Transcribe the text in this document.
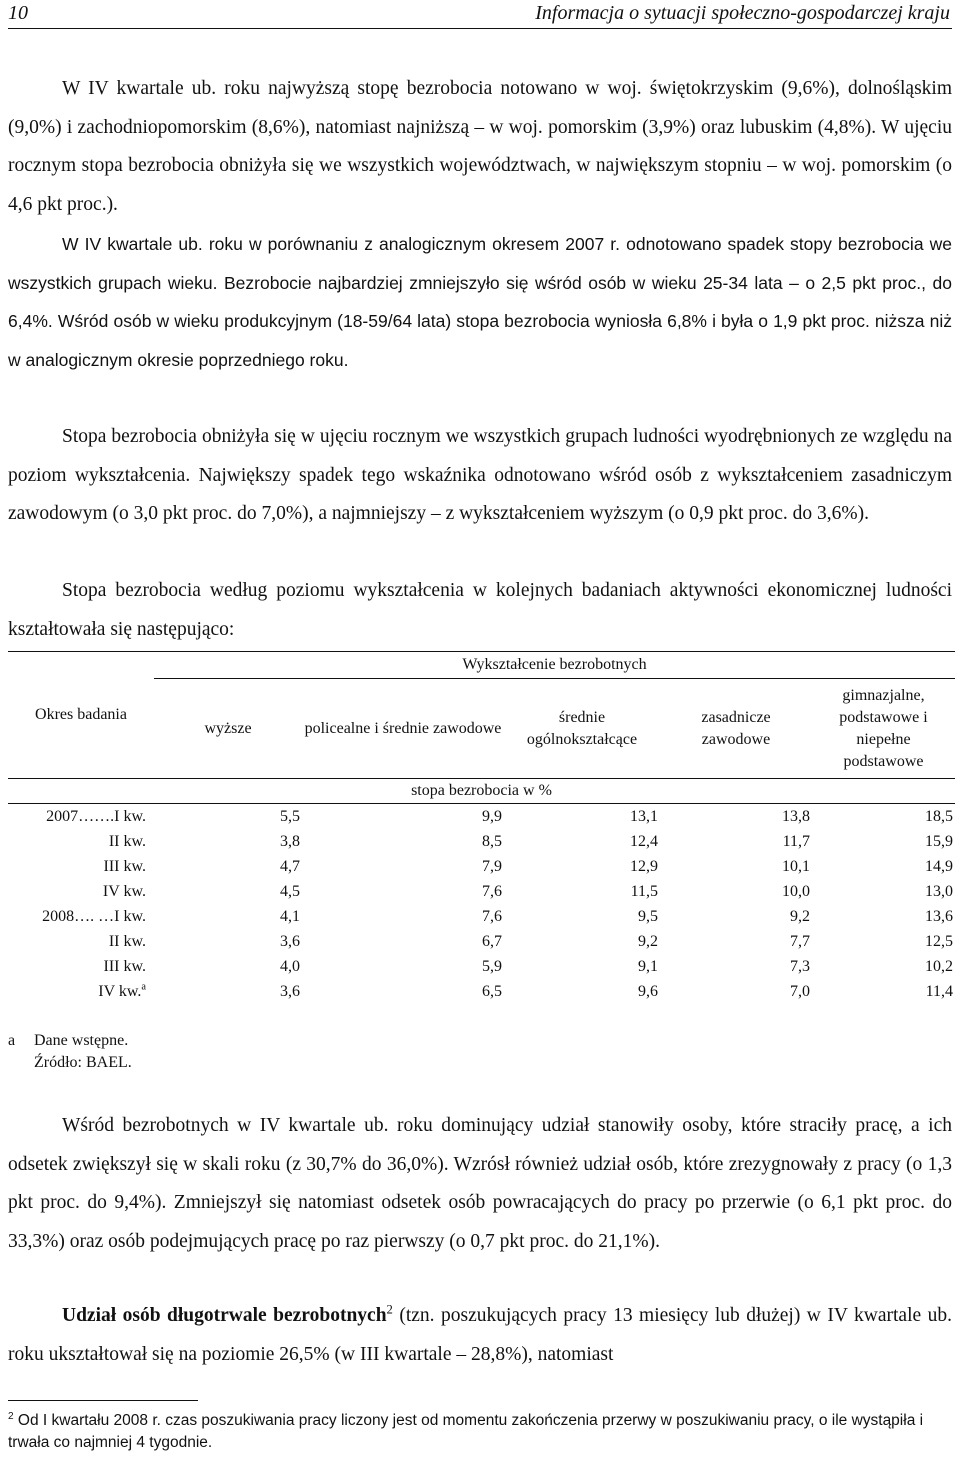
10	Informacja o sytuacji społeczno-gospodarczej kraju

W IV kwartale ub. roku najwyższą stopę bezrobocia notowano w woj. świętokrzyskim (9,6%), dolnośląskim (9,0%) i zachodniopomorskim (8,6%), natomiast najniższą – w woj. pomorskim (3,9%) oraz lubuskim (4,8%). W ujęciu rocznym stopa bezrobocia obniżyła się we wszystkich województwach, w największym stopniu – w woj. pomorskim (o 4,6 pkt proc.).

W IV kwartale ub. roku w porównaniu z analogicznym okresem 2007 r. odnotowano spadek stopy bezrobocia we wszystkich grupach wieku. Bezrobocie najbardziej zmniejszyło się wśród osób w wieku 25-34 lata – o 2,5 pkt proc., do 6,4%. Wśród osób w wieku produkcyjnym (18-59/64 lata) stopa bezrobocia wyniosła 6,8% i była o 1,9 pkt proc. niższa niż w analogicznym okresie poprzedniego roku.

Stopa bezrobocia obniżyła się w ujęciu rocznym we wszystkich grupach ludności wyodrębnionych ze względu na poziom wykształcenia. Największy spadek tego wskaźnika odnotowano wśród osób z wykształceniem zasadniczym zawodowym (o 3,0 pkt proc. do 7,0%), a najmniejszy – z wykształceniem wyższym (o 0,9 pkt proc. do 3,6%).

Stopa bezrobocia według poziomu wykształcenia w kolejnych badaniach aktywności ekonomicznej ludności kształtowała się następująco:

Okres badania	Wykształcenie bezrobotnych				
	wyższe	policealne i średnie zawodowe	średnie ogólnokształcące	zasadnicze zawodowe	gimnazjalne, podstawowe i niepełne podstawowe
stopa bezrobocia w %					
2007…….I kw.	5,5	9,9	13,1	13,8	18,5
II kw.	3,8	8,5	12,4	11,7	15,9
III kw.	4,7	7,9	12,9	10,1	14,9
IV kw.	4,5	7,6	11,5	10,0	13,0
2008…. …I kw.	4,1	7,6	9,5	9,2	13,6
II kw.	3,6	6,7	9,2	7,7	12,5
III kw.	4,0	5,9	9,1	7,3	10,2
IV kw.$^a$	3,6	6,5	9,6	7,0	11,4
a Dane wstępne.
Źródło: BAEL.

Wśród bezrobotnych w IV kwartale ub. roku dominujący udział stanowiły osoby, które straciły pracę, a ich odsetek zwiększył się w skali roku (z 30,7% do 36,0%). Wzrósł również udział osób, które zrezygnowały z pracy (o 1,3 pkt proc. do 9,4%). Zmniejszył się natomiast odsetek osób powracających do pracy po przerwie (o 6,1 pkt proc. do 33,3%) oraz osób podejmujących pracę po raz pierwszy (o 0,7 pkt proc. do 21,1%).

Udział osób długotrwale bezrobotnych$^2$ (tzn. poszukujących pracy 13 miesięcy lub dłużej) w IV kwartale ub. roku ukształtował się na poziomie 26,5% (w III kwartale – 28,8%), natomiast

$^2$ Od I kwartału 2008 r. czas poszukiwania pracy liczony jest od momentu zakończenia przerwy w poszukiwaniu pracy, o ile wystąpiła i trwała co najmniej 4 tygodnie.
